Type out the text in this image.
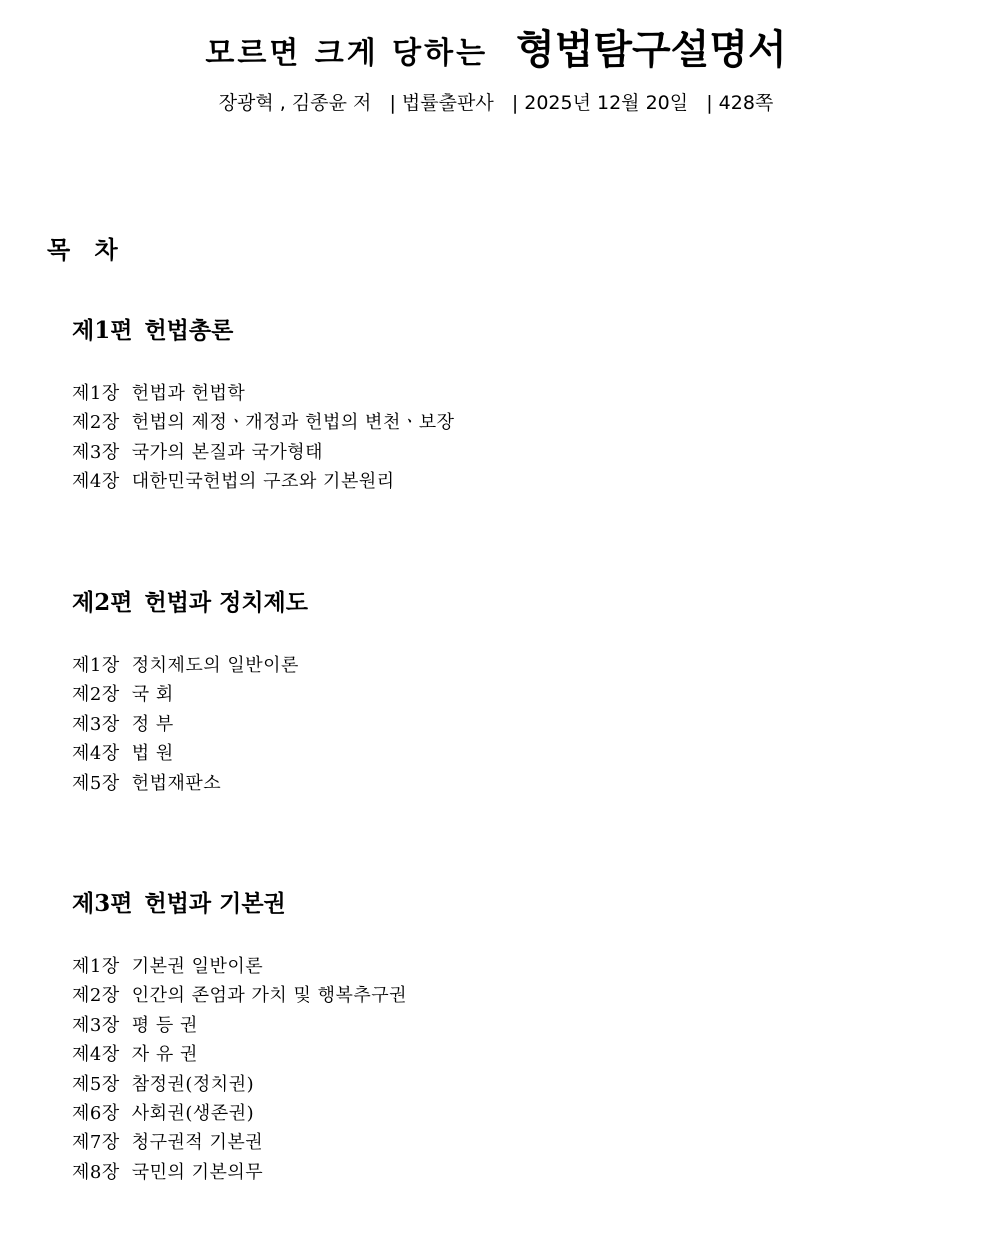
모르면 크게 당하는 형법탐구설명서
장광혁 , 김종윤 저 | 법률출판사 | 2025년 12월 20일 | 428쪽
목 차
제1편 헌법총론
제1장 헌법과 헌법학
제2장 헌법의 제정ㆍ개정과 헌법의 변천ㆍ보장
제3장 국가의 본질과 국가형태
제4장 대한민국헌법의 구조와 기본원리
제2편 헌법과 정치제도
제1장 정치제도의 일반이론
제2장 국 회
제3장 정 부
제4장 법 원
제5장 헌법재판소
제3편 헌법과 기본권
제1장 기본권 일반이론
제2장 인간의 존엄과 가치 및 행복추구권
제3장 평 등 권
제4장 자 유 권
제5장 참정권(정치권)
제6장 사회권(생존권)
제7장 청구권적 기본권
제8장 국민의 기본의무
